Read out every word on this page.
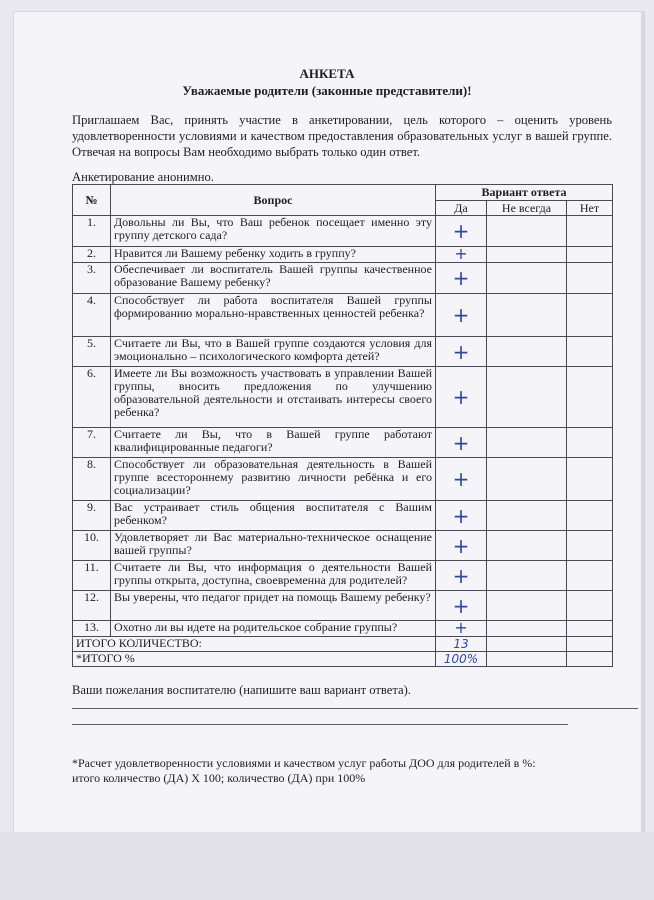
АНКЕТА
Уважаемые родители (законные представители)!

Приглашаем Вас, принять участие в анкетировании, цель которого – оценить уровень удовлетворенности условиями и качеством предоставления образовательных услуг в вашей группе. Отвечая на вопросы Вам необходимо выбрать только один ответ.

Анкетирование анонимно.
№	Вопрос	Вариант ответа		
		Да	Не всегда	Нет
1.	Довольны ли Вы, что Ваш ребенок посещает именно эту группу детского сада?	+		
2.	Нравится ли Вашему ребенку ходить в группу?	+		
3.	Обеспечивает ли воспитатель Вашей группы качественное образование Вашему ребенку?	+		
4.	Способствует ли работа воспитателя Вашей группы формированию морально-нравственных ценностей ребенка?	+		
5.	Считаете ли Вы, что в Вашей группе создаются условия для эмоционально – психологического комфорта детей?	+		
6.	Имеете ли Вы возможность участвовать в управлении Вашей группы, вносить предложения по улучшению образовательной деятельности и отстаивать интересы своего ребенка?	+		
7.	Считаете ли Вы, что в Вашей группе работают квалифицированные педагоги?	+		
8.	Способствует ли образовательная деятельность в Вашей группе всестороннему развитию личности ребёнка и его социализации?	+		
9.	Вас устраивает стиль общения воспитателя с Вашим ребенком?	+		
10.	Удовлетворяет ли Вас материально-техническое оснащение вашей группы?	+		
11.	Считаете ли Вы, что информация о деятельности Вашей группы открыта, доступна, своевременна для родителей?	+		
12.	Вы уверены, что педагог придет на помощь Вашему ребенку?	+		
13.	Охотно ли вы идете на родительское собрание группы?	+		
ИТОГО КОЛИЧЕСТВО:		13		
*ИТОГО %		100%		
Ваши пожелания воспитателю (напишите ваш вариант ответа).

*Расчет удовлетворенности условиями и качеством услуг работы ДОО для родителей в %:

итого количество (ДА) X 100; количество (ДА) при 100%
